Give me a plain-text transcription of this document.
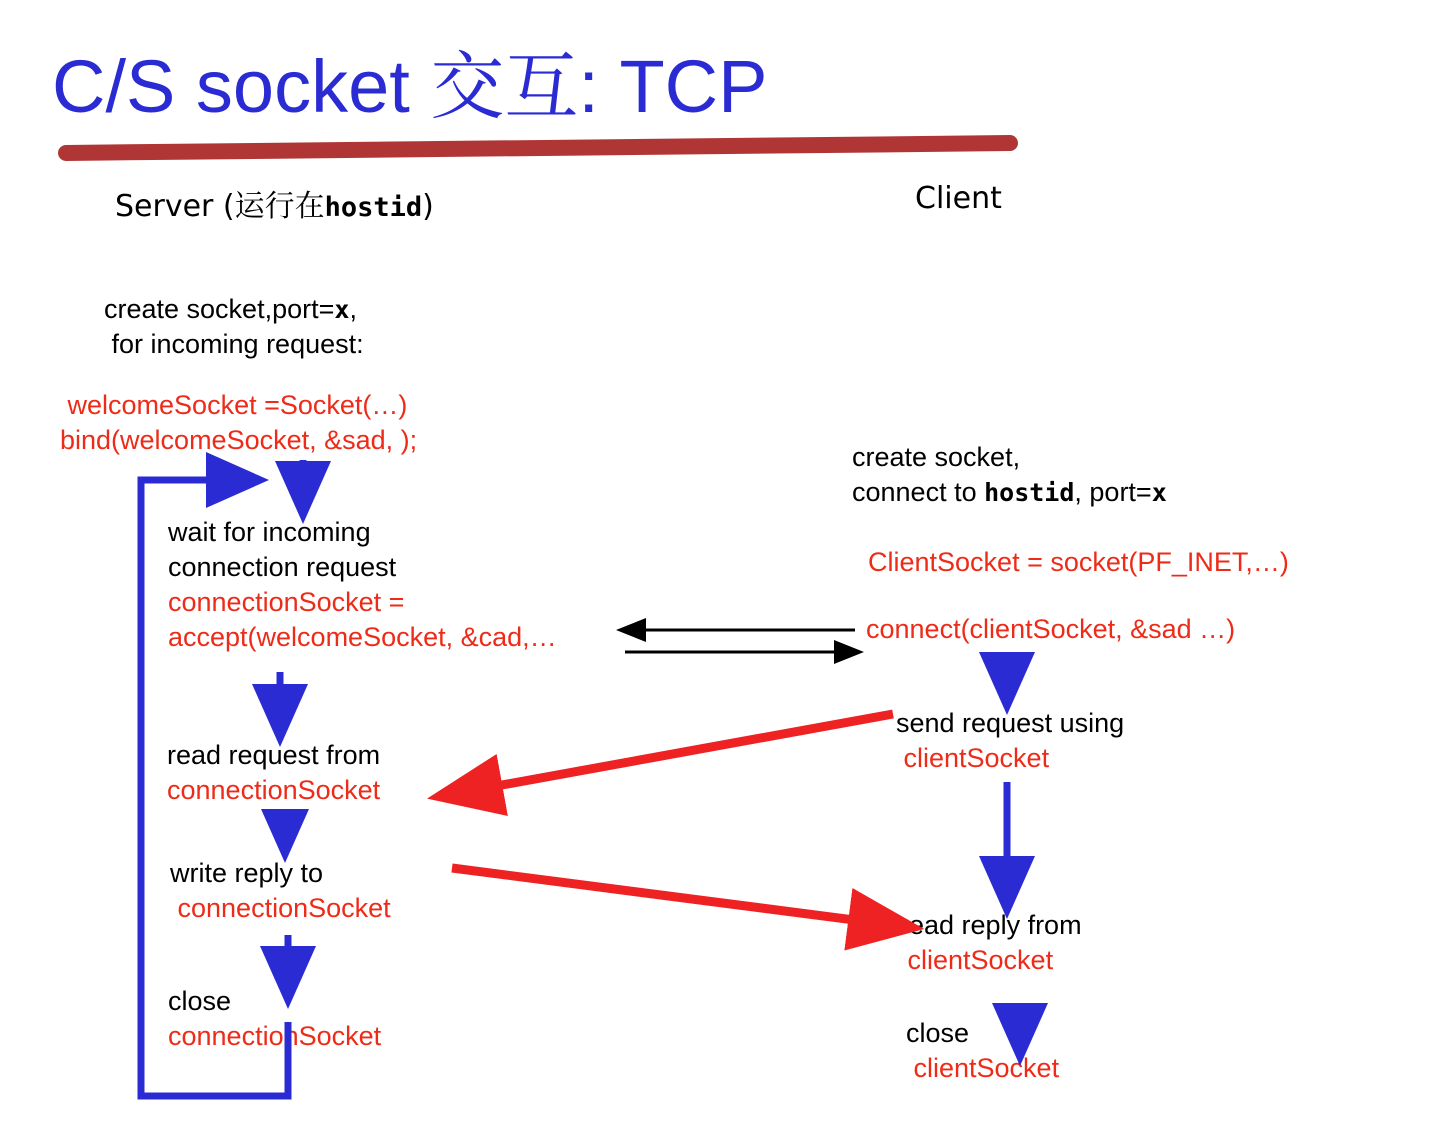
C/S socket 交互: TCP
Server (运行在hostid)	Client
create socket,port=x,
for incoming request:
welcomeSocket =Socket(…)
bind(welcomeSocket, &sad, );
wait for incoming
connection request
connectionSocket =
accept(welcomeSocket, &cad,…
read request from
connectionSocket
write reply to
connectionSocket
close
connectionSocket
create socket,
connect to hostid, port=x
ClientSocket = socket(PF_INET,…)
connect(clientSocket, &sad …)
send request using
clientSocket
read reply from
clientSocket
close
clientSocket
